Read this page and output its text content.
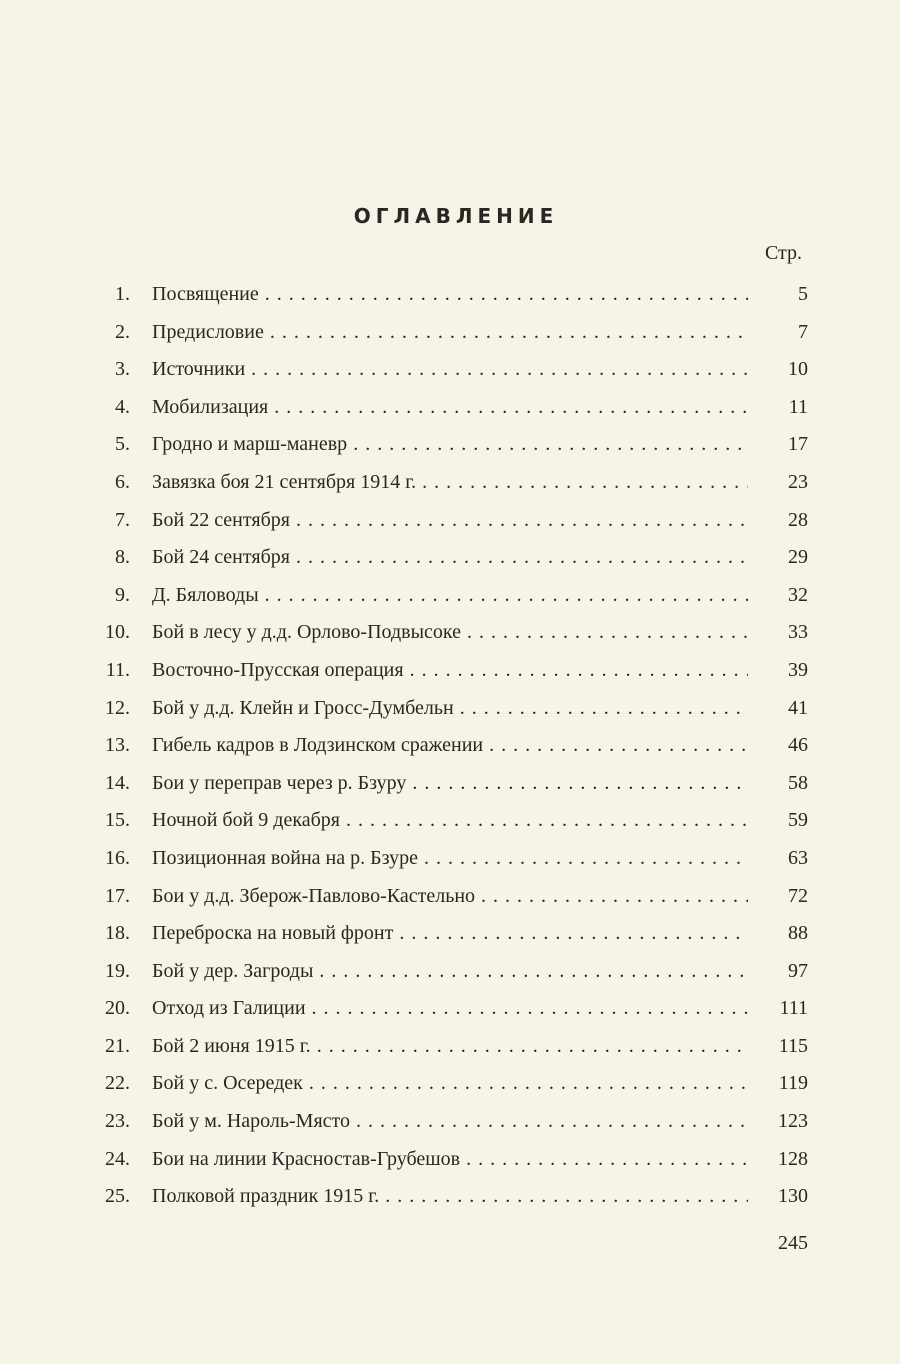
ОГЛАВЛЕНИЕ
Стр.
1. Посвящение . . .	5
2. Предисловие . . .	7
3. Источники . . .	10
4. Мобилизация . . .	11
5. Гродно и марш-маневр . . .	17
6. Завязка боя 21 сентября 1914 г. . . .	23
7. Бой 22 сентября . . .	28
8. Бой 24 сентября . . .	29
9. Д. Бяловоды . . .	32
10. Бой в лесу у д.д. Орлово-Подвысоке . . .	33
11. Восточно-Прусская операция . . .	39
12. Бой у д.д. Клейн и Гросс-Думбельн . . .	41
13. Гибель кадров в Лодзинском сражении . . .	46
14. Бои у переправ через р. Бзуру . . .	58
15. Ночной бой 9 декабря . . .	59
16. Позиционная война на р. Бзуре . . .	63
17. Бои у д.д. Зберож-Павлово-Кастельно . . .	72
18. Переброска на новый фронт . . .	88
19. Бой у дер. Загроды . . .	97
20. Отход из Галиции . . .	111
21. Бой 2 июня 1915 г. . . .	115
22. Бой у с. Осередек . . .	119
23. Бой у м. Нароль-Място . . .	123
24. Бои на линии Красностав-Грубешов . . .	128
25. Полковой праздник 1915 г. . . .	130
245
